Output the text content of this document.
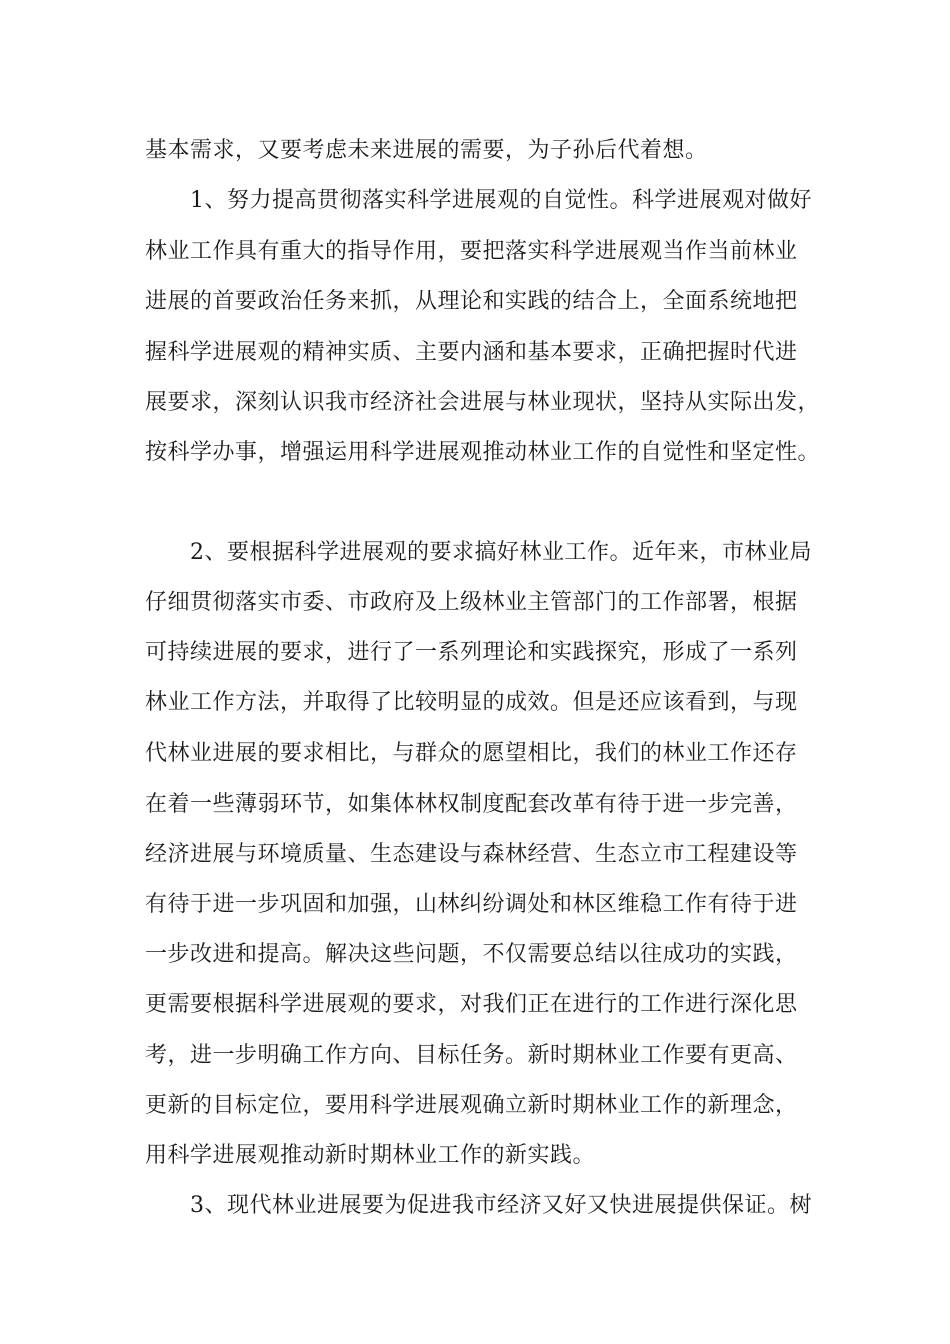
基本需求，又要考虑未来进展的需要，为子孙后代着想。
1、努力提高贯彻落实科学进展观的自觉性。科学进展观对做好
林业工作具有重大的指导作用，要把落实科学进展观当作当前林业
进展的首要政治任务来抓，从理论和实践的结合上，全面系统地把
握科学进展观的精神实质、主要内涵和基本要求，正确把握时代进
展要求，深刻认识我市经济社会进展与林业现状，坚持从实际出发，
按科学办事，增强运用科学进展观推动林业工作的自觉性和坚定性。
2、要根据科学进展观的要求搞好林业工作。近年来，市林业局
仔细贯彻落实市委、市政府及上级林业主管部门的工作部署，根据
可持续进展的要求，进行了一系列理论和实践探究，形成了一系列
林业工作方法，并取得了比较明显的成效。但是还应该看到，与现
代林业进展的要求相比，与群众的愿望相比，我们的林业工作还存
在着一些薄弱环节，如集体林权制度配套改革有待于进一步完善，
经济进展与环境质量、生态建设与森林经营、生态立市工程建设等
有待于进一步巩固和加强，山林纠纷调处和林区维稳工作有待于进
一步改进和提高。解决这些问题，不仅需要总结以往成功的实践，
更需要根据科学进展观的要求，对我们正在进行的工作进行深化思
考，进一步明确工作方向、目标任务。新时期林业工作要有更高、
更新的目标定位，要用科学进展观确立新时期林业工作的新理念，
用科学进展观推动新时期林业工作的新实践。
3、现代林业进展要为促进我市经济又好又快进展提供保证。树
